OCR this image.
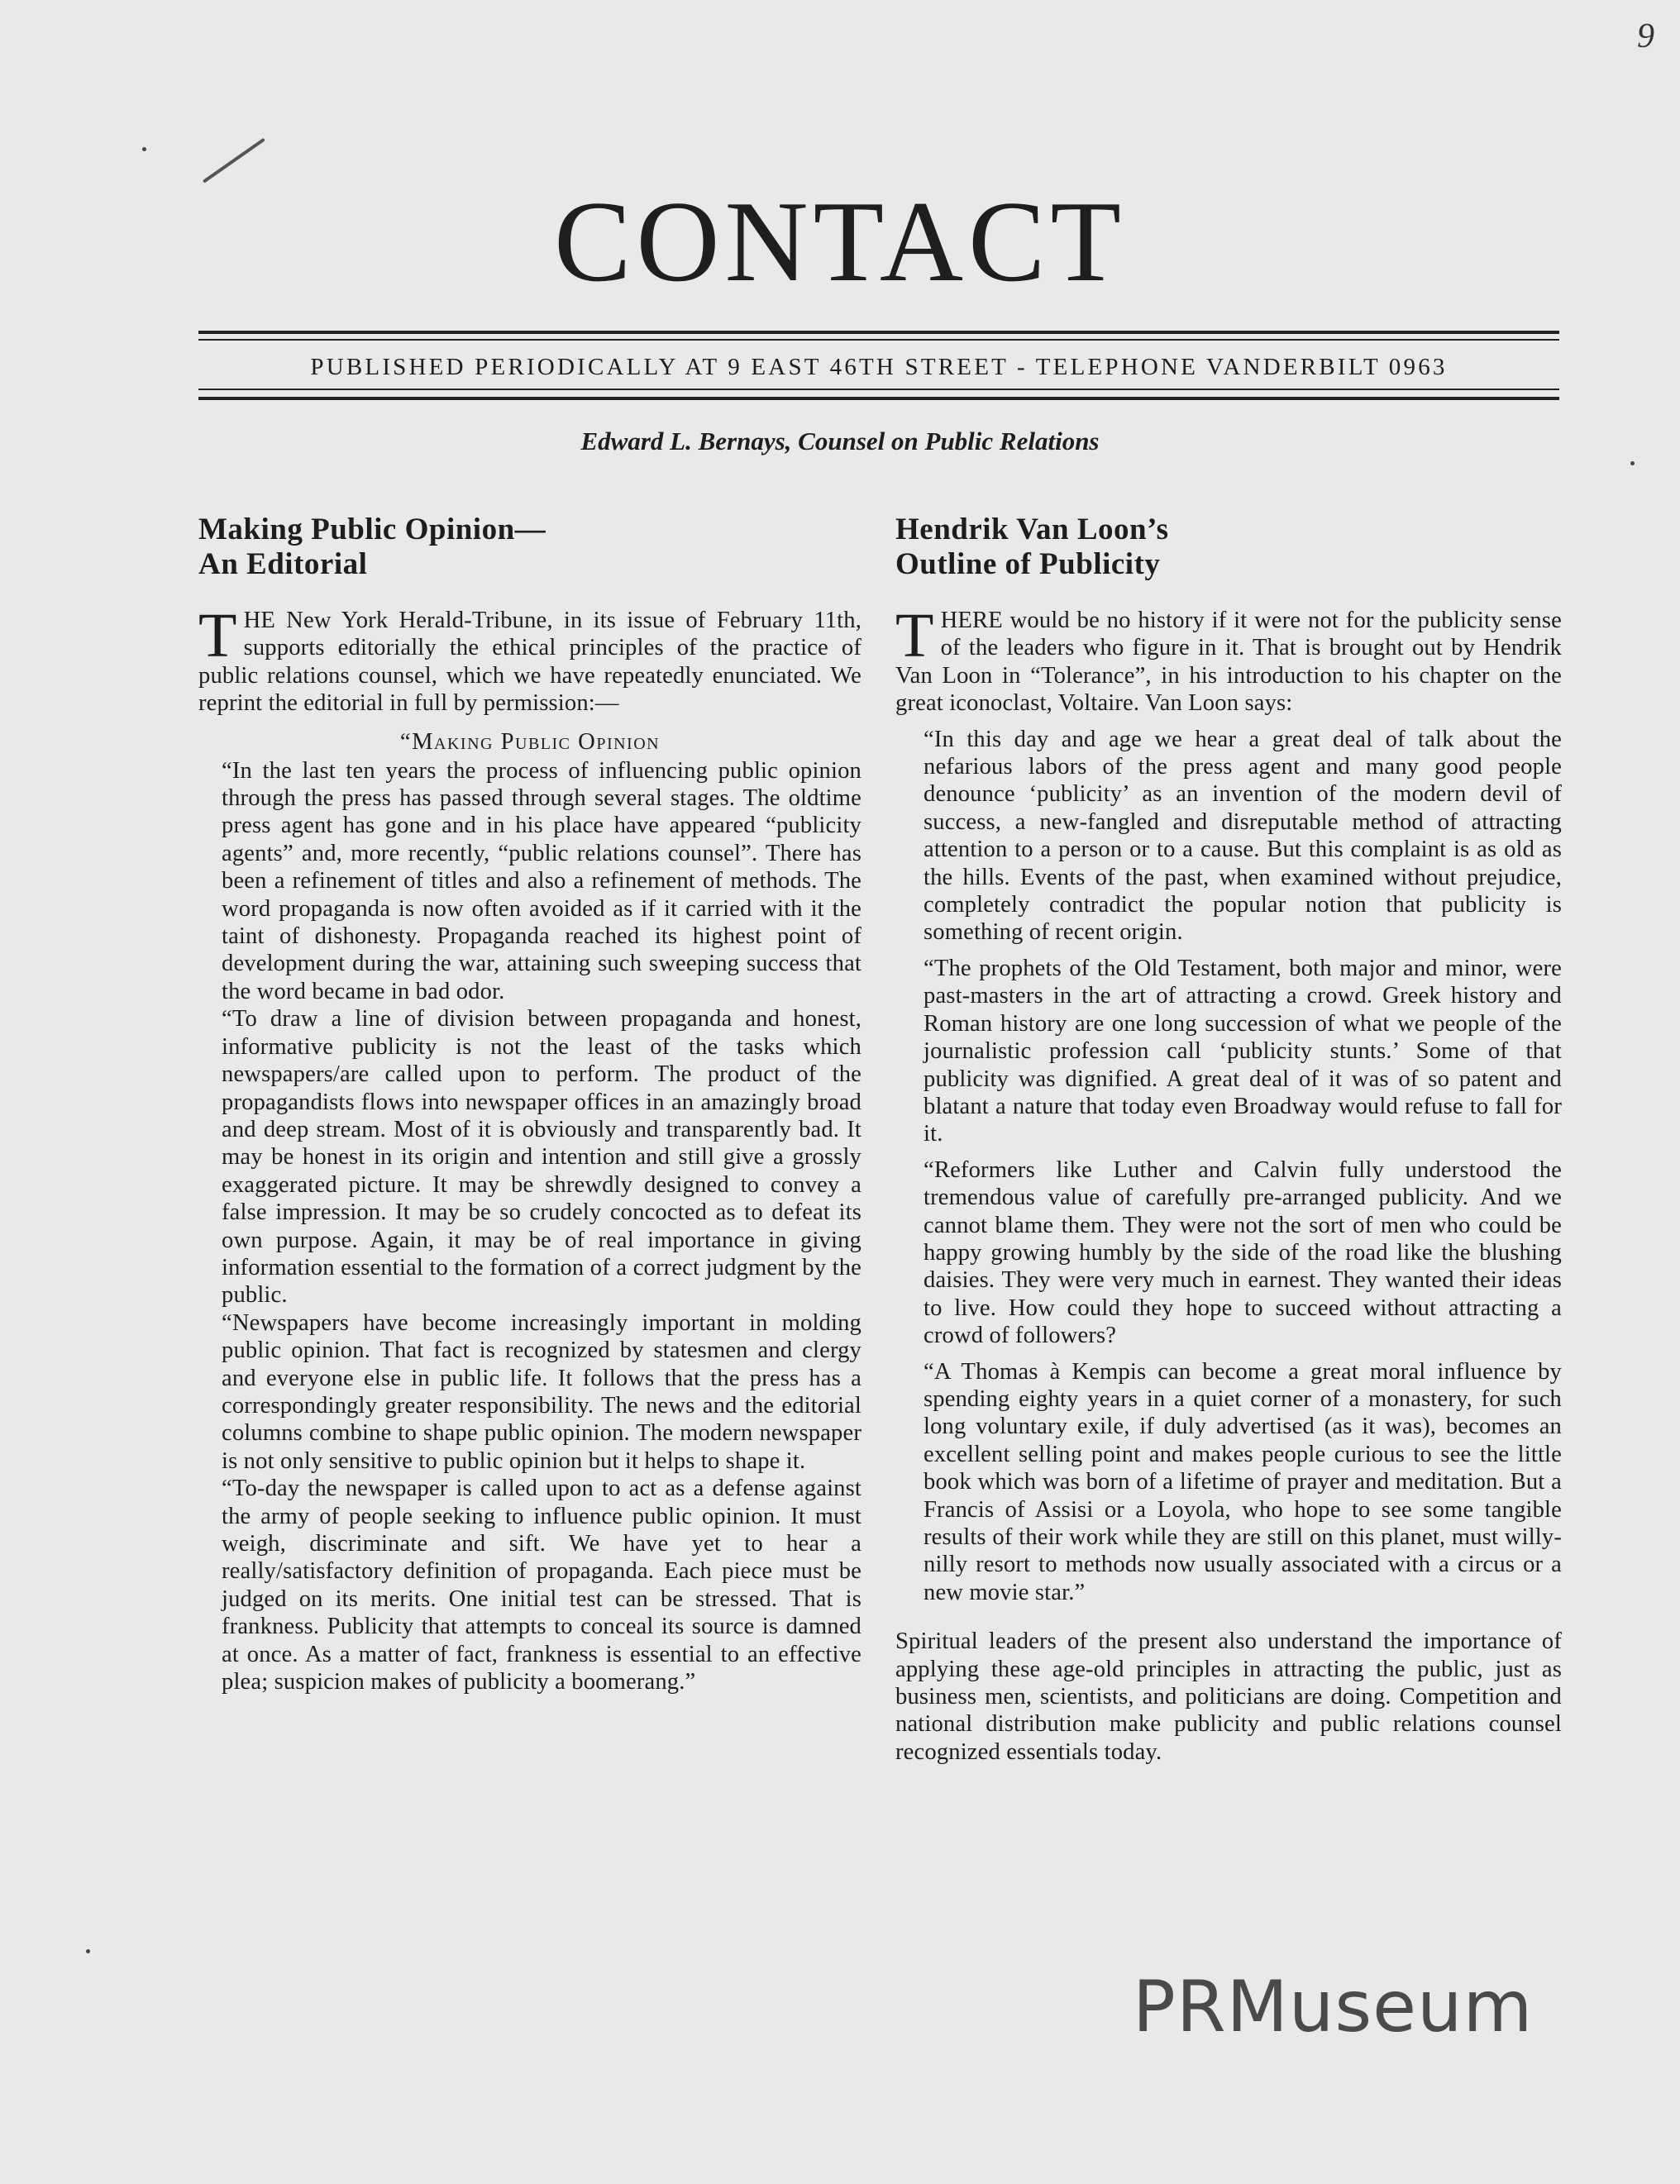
9
CONTACT
PUBLISHED PERIODICALLY AT 9 EAST 46TH STREET - TELEPHONE VANDERBILT 0963
Edward L. Bernays, Counsel on Public Relations
Making Public Opinion—
An Editorial

THE New York Herald-Tribune, in its issue of February 11th, supports editorially the ethical principles of the practice of public relations counsel, which we have repeatedly enunciated. We reprint the editorial in full by permission:—

“Making Public Opinion

“In the last ten years the process of influencing public opinion through the press has passed through several stages. The oldtime press agent has gone and in his place have appeared “publicity agents” and, more recently, “public relations counsel”. There has been a refinement of titles and also a refinement of methods. The word propaganda is now often avoided as if it carried with it the taint of dishonesty. Propaganda reached its highest point of development during the war, attaining such sweeping success that the word became in bad odor.

“To draw a line of division between propaganda and honest, informative publicity is not the least of the tasks which newspapers/are called upon to perform. The product of the propagandists flows into newspaper offices in an amazingly broad and deep stream. Most of it is obviously and transparently bad. It may be honest in its origin and intention and still give a grossly exaggerated picture. It may be shrewdly designed to convey a false impression. It may be so crudely concocted as to defeat its own purpose. Again, it may be of real importance in giving information essential to the formation of a correct judgment by the public.

“Newspapers have become increasingly important in molding public opinion. That fact is recognized by statesmen and clergy and everyone else in public life. It follows that the press has a correspondingly greater responsibility. The news and the editorial columns combine to shape public opinion. The modern newspaper is not only sensitive to public opinion but it helps to shape it.

“To-day the newspaper is called upon to act as a defense against the army of people seeking to influence public opinion. It must weigh, discriminate and sift. We have yet to hear a really/satisfactory definition of propaganda. Each piece must be judged on its merits. One initial test can be stressed. That is frankness. Publicity that attempts to conceal its source is damned at once. As a matter of fact, frankness is essential to an effective plea; suspicion makes of publicity a boomerang.”

Hendrik Van Loon’s
Outline of Publicity

THERE would be no history if it were not for the publicity sense of the leaders who figure in it. That is brought out by Hendrik Van Loon in “Tolerance”, in his introduction to his chapter on the great iconoclast, Voltaire. Van Loon says:

“In this day and age we hear a great deal of talk about the nefarious labors of the press agent and many good people denounce ‘publicity’ as an invention of the modern devil of success, a new-fangled and disreputable method of attracting attention to a person or to a cause. But this complaint is as old as the hills. Events of the past, when examined without prejudice, completely contradict the popular notion that publicity is something of recent origin.

“The prophets of the Old Testament, both major and minor, were past-masters in the art of attracting a crowd. Greek history and Roman history are one long succession of what we people of the journalistic profession call ‘publicity stunts.’ Some of that publicity was dignified. A great deal of it was of so patent and blatant a nature that today even Broadway would refuse to fall for it.

“Reformers like Luther and Calvin fully understood the tremendous value of carefully pre-arranged publicity. And we cannot blame them. They were not the sort of men who could be happy growing humbly by the side of the road like the blushing daisies. They were very much in earnest. They wanted their ideas to live. How could they hope to succeed without attracting a crowd of followers?

“A Thomas à Kempis can become a great moral influence by spending eighty years in a quiet corner of a monastery, for such long voluntary exile, if duly advertised (as it was), becomes an excellent selling point and makes people curious to see the little book which was born of a lifetime of prayer and meditation. But a Francis of Assisi or a Loyola, who hope to see some tangible results of their work while they are still on this planet, must willy-nilly resort to methods now usually associated with a circus or a new movie star.”

Spiritual leaders of the present also understand the importance of applying these age-old principles in attracting the public, just as business men, scientists, and politicians are doing. Competition and national distribution make publicity and public relations counsel recognized essentials today.

PRMuseum
